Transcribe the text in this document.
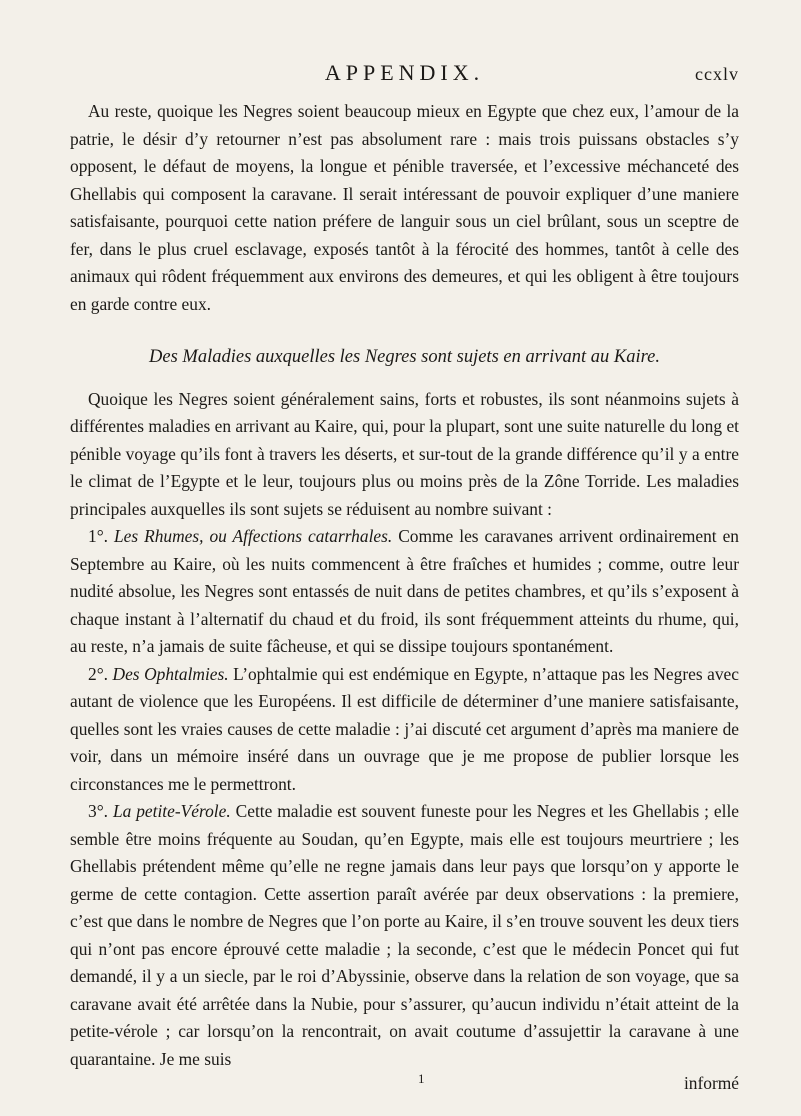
APPENDIX.	ccxlv

Au reste, quoique les Negres soient beaucoup mieux en Egypte que chez eux, l’amour de la patrie, le désir d’y retourner n’est pas absolument rare : mais trois puissans obstacles s’y opposent, le défaut de moyens, la longue et pénible traversée, et l’excessive méchanceté des Ghellabis qui composent la caravane. Il serait intéressant de pouvoir expliquer d’une maniere satisfaisante, pourquoi cette nation préfere de languir sous un ciel brûlant, sous un sceptre de fer, dans le plus cruel esclavage, exposés tantôt à la férocité des hommes, tantôt à celle des animaux qui rôdent fréquemment aux environs des demeures, et qui les obligent à être toujours en garde contre eux.

Des Maladies auxquelles les Negres sont sujets en arrivant au Kaire.

Quoique les Negres soient généralement sains, forts et robustes, ils sont néanmoins sujets à différentes maladies en arrivant au Kaire, qui, pour la plupart, sont une suite naturelle du long et pénible voyage qu’ils font à travers les déserts, et sur-tout de la grande différence qu’il y a entre le climat de l’Egypte et le leur, toujours plus ou moins près de la Zône Torride. Les maladies principales auxquelles ils sont sujets se réduisent au nombre suivant :

1°. Les Rhumes, ou Affections catarrhales. Comme les caravanes arrivent ordinairement en Septembre au Kaire, où les nuits commencent à être fraîches et humides ; comme, outre leur nudité absolue, les Negres sont entassés de nuit dans de petites chambres, et qu’ils s’exposent à chaque instant à l’alternatif du chaud et du froid, ils sont fréquemment atteints du rhume, qui, au reste, n’a jamais de suite fâcheuse, et qui se dissipe toujours spontanément.

2°. Des Ophtalmies. L’ophtalmie qui est endémique en Egypte, n’attaque pas les Negres avec autant de violence que les Européens. Il est difficile de déterminer d’une maniere satisfaisante, quelles sont les vraies causes de cette maladie : j’ai discuté cet argument d’après ma maniere de voir, dans un mémoire inséré dans un ouvrage que je me propose de publier lorsque les circonstances me le permettront.

3°. La petite-Vérole. Cette maladie est souvent funeste pour les Negres et les Ghellabis ; elle semble être moins fréquente au Soudan, qu’en Egypte, mais elle est toujours meurtriere ; les Ghellabis prétendent même qu’elle ne regne jamais dans leur pays que lorsqu’on y apporte le germe de cette contagion. Cette assertion paraît avérée par deux observations : la premiere, c’est que dans le nombre de Negres que l’on porte au Kaire, il s’en trouve souvent les deux tiers qui n’ont pas encore éprouvé cette maladie ; la seconde, c’est que le médecin Poncet qui fut demandé, il y a un siecle, par le roi d’Abyssinie, observe dans la relation de son voyage, que sa caravane avait été arrêtée dans la Nubie, pour s’assurer, qu’aucun individu n’était atteint de la petite-vérole ; car lorsqu’on la rencontrait, on avait coutume d’assujettir la caravane à une quarantaine. Je me suis

1	informé
